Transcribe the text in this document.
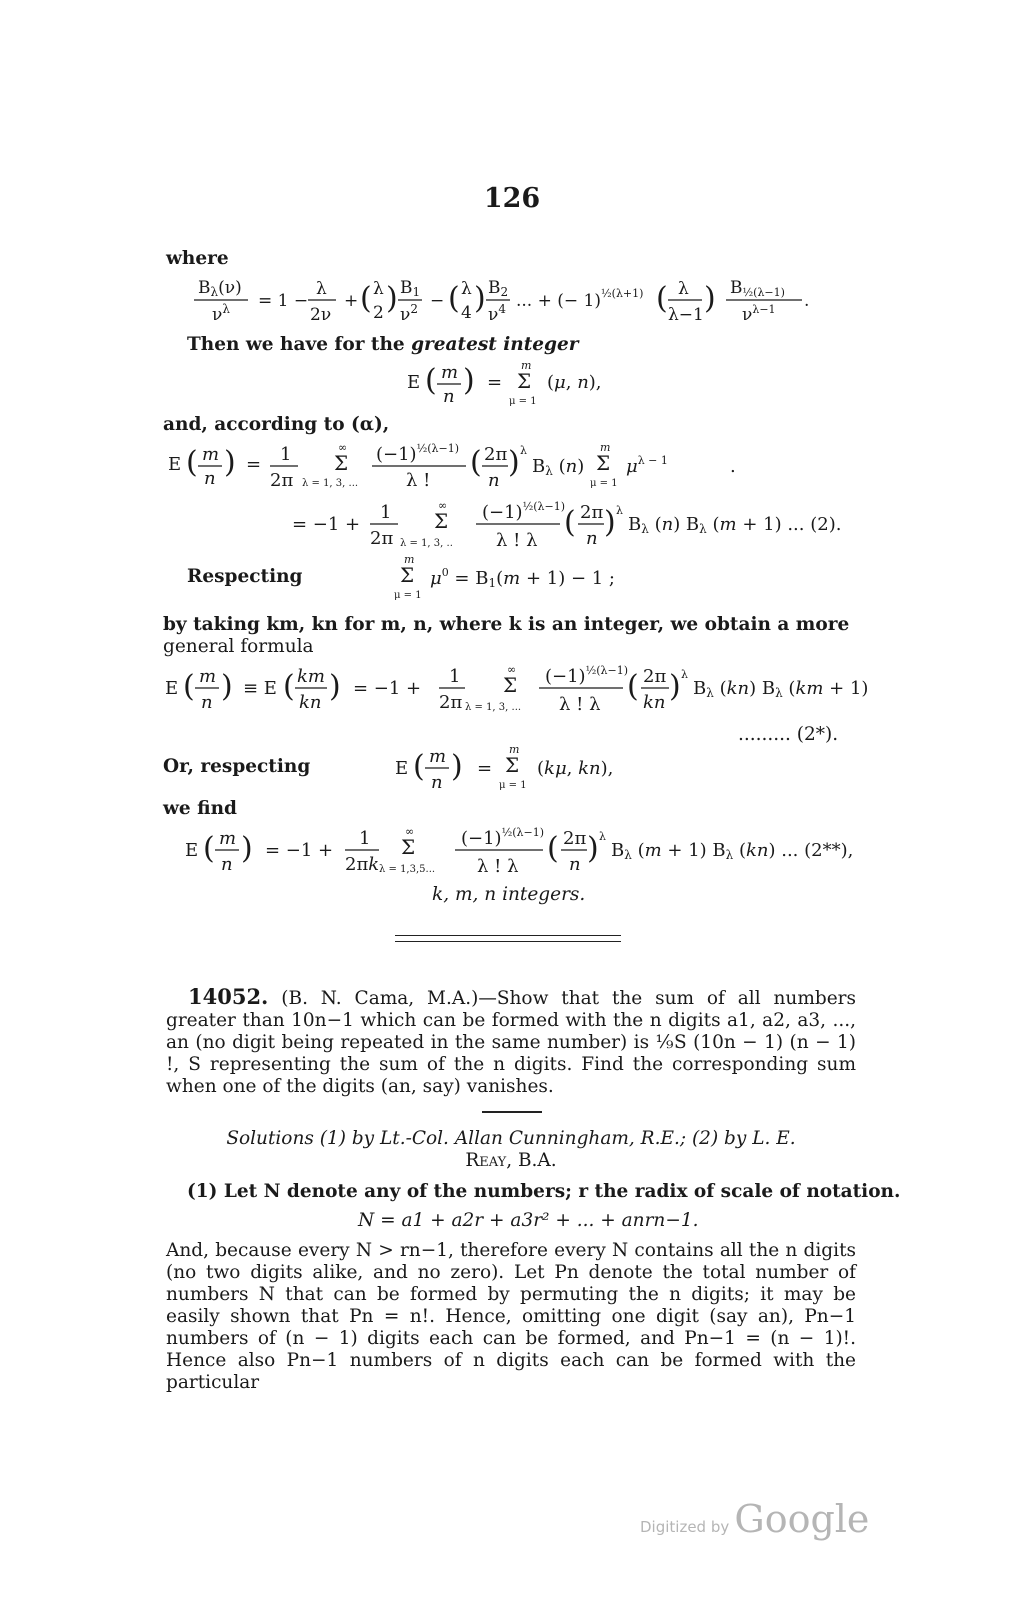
126
where
Bλ(ν)
$\nu^\lambda = 1$ −
λ
2ν
+ ( λ
2 ) B1
$\nu^2$ − ( λ
4 ) B2
$\nu^4$ ... + (− 1)$^{\frac{1}{2}(\lambda+1)}$ ( λ
λ−1 ) B½(λ−1)
$\nu^{\lambda-1}$ .
Then we have for the greatest integer
E ( m
n ) =
m
Σ
μ = 1
(μ, n),
and, according to (α),
E ( m
n ) = 1
2π λ = 1, 3, ...
∞
Σ $(-1)^{\frac{1}{2}(\lambda-1)}$
λ !
( 2π
n
) λ
Bλ (n)
m
Σ
μ = 1
$\mu^{\lambda - 1}$	.
= −1 +
1
2π λ = 1, 3, ..
∞
Σ $(-1)^{\frac{1}{2}(\lambda-1)}$
λ ! λ
( 2π
n ) λ
Bλ (n) Bλ (m + 1) ... (2).
Respecting
m
Σ
μ = 1
$\mu^0 = B1(m + 1) - 1$ ;
by taking km, kn for m, n, where k is an integer, we obtain a more
general formula
E ( m
n ) ≡ E ( km
kn ) = −1 +
1
2π λ = 1, 3, ...
∞
Σ $(-1)^{\frac{1}{2}(\lambda-1)}$
λ ! λ
( 2π
kn ) λ
Bλ (kn) Bλ (km + 1)
......... (2*).
Or, respecting	E ( m
n ) =
m
Σ
μ = 1
(kμ, kn),
we find
E ( m
n ) = −1 +
1
2πk λ = 1,3,5...
∞
Σ	$(-1)^{\frac{1}{2}(\lambda-1)}$
λ ! λ
( 2π
n ) λ
Bλ (m + 1) Bλ (kn) ... (2**),
k, m, n integers.
14052. (B. N. Cama, M.A.)—Show that the sum of all numbers greater than 10n−1 which can be formed with the n digits a1, a2, a3, ..., an (no digit being repeated in the same number) is ⅑S (10n − 1) (n − 1) !, S representing the sum of the n digits. Find the corresponding sum when one of the digits (an, say) vanishes.
Solutions (1) by Lt.-Col. Allan Cunningham, R.E.; (2) by L. E.
Reay, B.A.
(1) Let N denote any of the numbers; r the radix of scale of notation.
N = a1 + a2r + a3r² + ... + anrn−1.
And, because every N > rn−1, therefore every N contains all the n digits (no two digits alike, and no zero). Let Pn denote the total number of numbers N that can be formed by permuting the n digits; it may be easily shown that Pn = n!. Hence, omitting one digit (say an), Pn−1 numbers of (n − 1) digits each can be formed, and Pn−1 = (n − 1)!. Hence also Pn−1 numbers of n digits each can be formed with the particular
Digitized by Google
